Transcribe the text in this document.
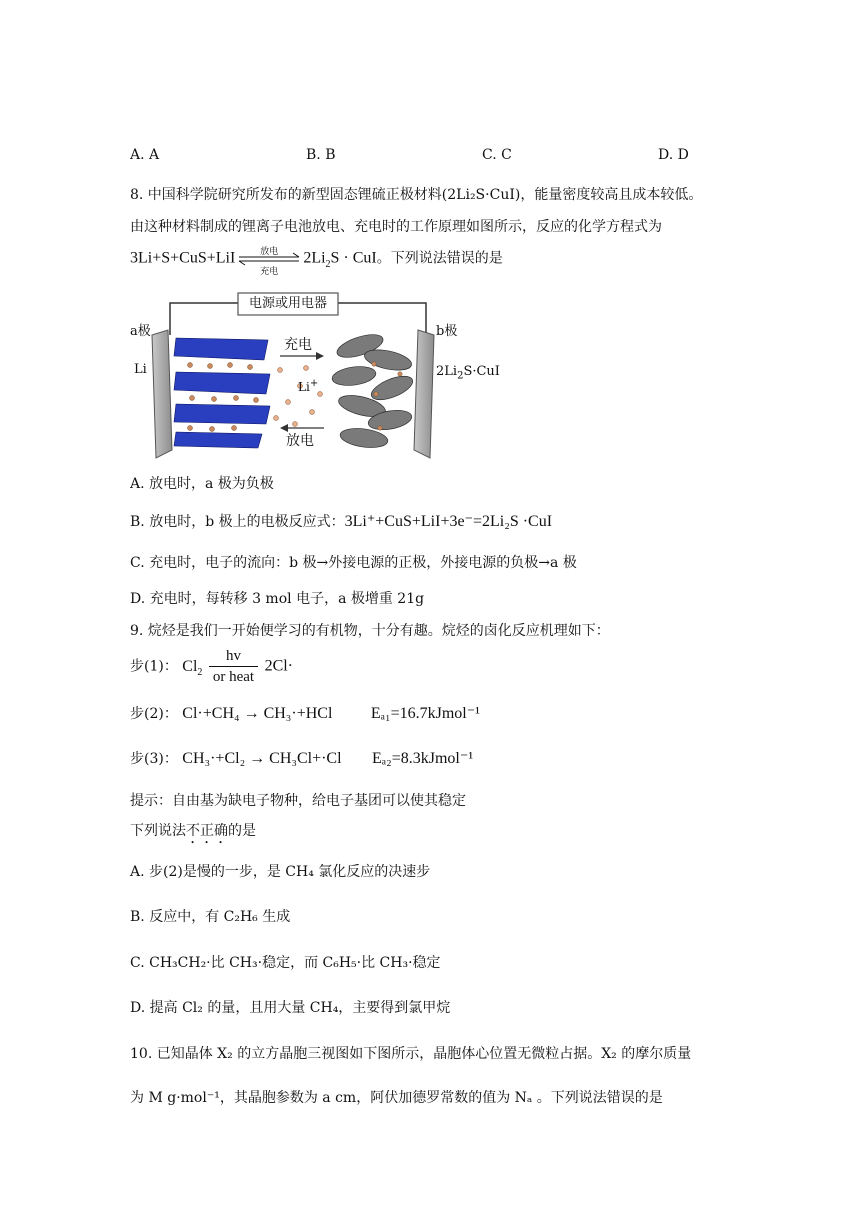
A. A	B. B	C. C	D. D
8. 中国科学院研究所发布的新型固态锂硫正极材料(2Li₂S·CuI)，能量密度较高且成本较低。
由这种材料制成的锂离子电池放电、充电时的工作原理如图所示，反应的化学方程式为
3Li+S+CuS+LiI	放电
充电
$2Li_2S$ · CuI。下列说法错误的是
电源或用电器
a极
Li
b极
$2Li_2S\cdot CuI$
充电
放电
Li+
A. 放电时，a 极为负极
B. 放电时，b 极上的电极反应式：3Li⁺+CuS+LiI+3e⁻=2Li₂S ·CuI
C. 充电时，电子的流向：b 极→外接电源的正极，外接电源的负极→a 极
D. 充电时，每转移 3 mol 电子，a 极增重 21g
9. 烷烃是我们一开始便学习的有机物，十分有趣。烷烃的卤化反应机理如下：
步(1)： $Cl_2 \frac{hv}{\text{or heat}} 2Cl\cdot$
步(2)： Cl·+CH₄ → CH₃·+HCl Eₐ₁=16.7kJmol⁻¹
步(3)： CH₃·+Cl₂ → CH₃Cl+·Cl Eₐ₂=8.3kJmol⁻¹
提示：自由基为缺电子物种，给电子基团可以使其稳定
下列说法不正确的是
A. 步(2)是慢的一步，是 CH₄ 氯化反应的决速步
B. 反应中，有 C₂H₆ 生成
C. CH₃CH₂·比 CH₃·稳定，而 C₆H₅·比 CH₃·稳定
D. 提高 Cl₂ 的量，且用大量 CH₄，主要得到氯甲烷
10. 已知晶体 X₂ 的立方晶胞三视图如下图所示，晶胞体心位置无微粒占据。X₂ 的摩尔质量
为 M g·mol⁻¹，其晶胞参数为 a cm，阿伏加德罗常数的值为 Nₐ 。下列说法错误的是
